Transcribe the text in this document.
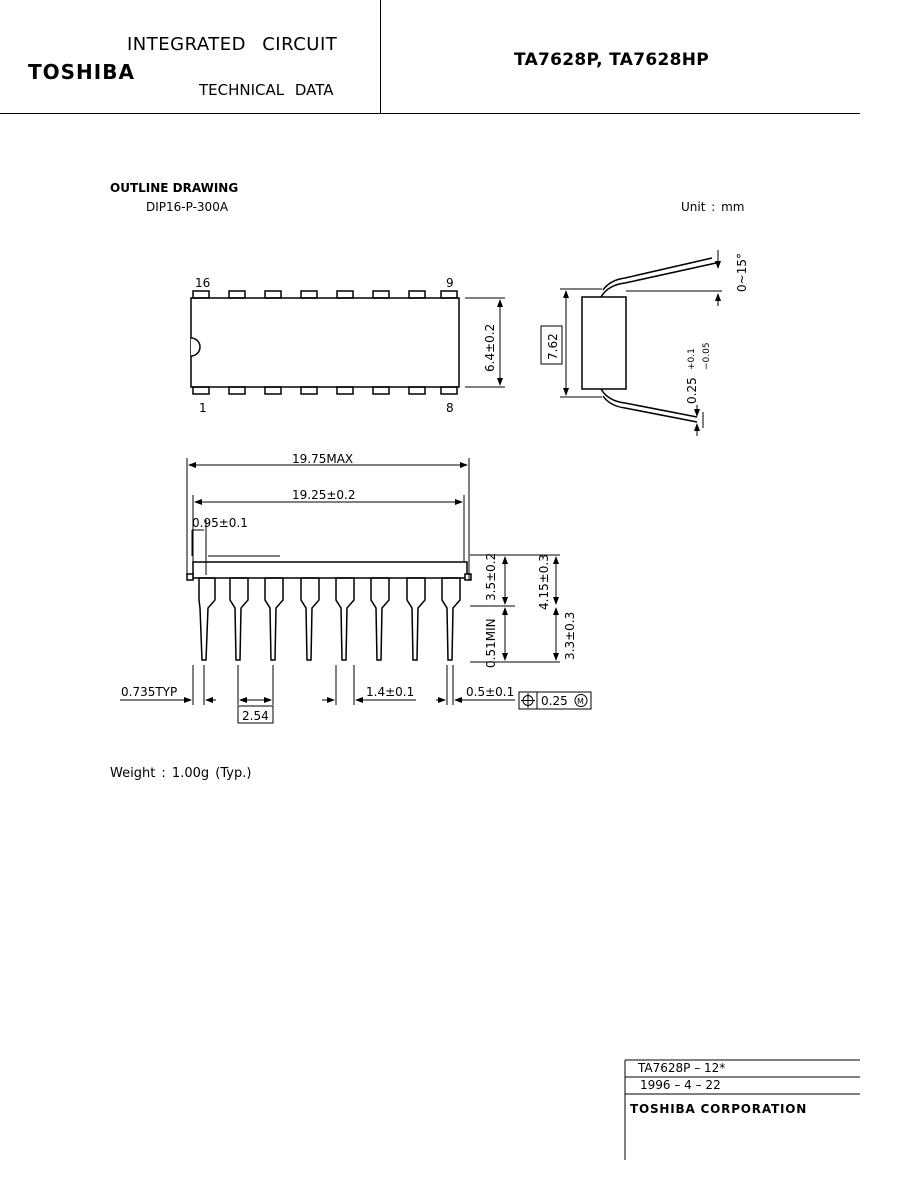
TOSHIBA
INTEGRATED CIRCUIT
TECHNICAL DATA
TA7628P, TA7628HP
OUTLINE DRAWING
DIP16-P-300A	Unit : mm
16	9
1	8
6.4±0.2	7.62
0~15°
0.25
+0.1 −0.05
19.75MAX
19.25±0.2
0.95±0.1
3.5±0.2	4.15±0.3
0.51MIN	3.3±0.3
0.735TYP
2.54
1.4±0.1	0.5±0.1
0.25 M
Weight : 1.00g (Typ.)
TA7628P – 12*
1996 – 4 – 22
TOSHIBA CORPORATION
